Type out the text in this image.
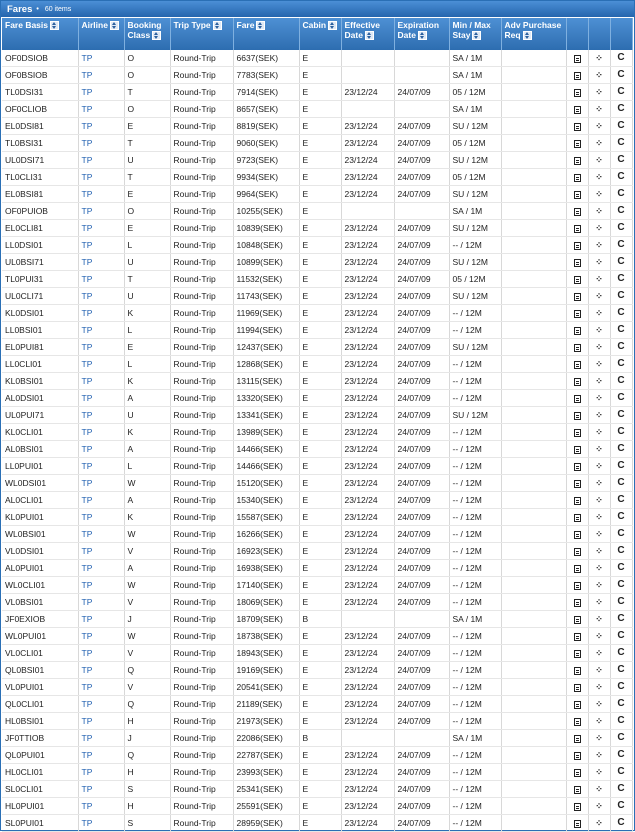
Fares • 60 items
Fare Basis	Airline	Booking Class	Trip Type	Fare	Cabin	Effective Date	Expiration Date	Min / Max Stay	Adv Purchase Req			
OF0DSIOB	TP	O	Round-Trip	6637(SEK)	E			SA / 1M			⁘	C
OF0BSIOB	TP	O	Round-Trip	7783(SEK)	E			SA / 1M			⁘	C
TL0DSI31	TP	T	Round-Trip	7914(SEK)	E	23/12/24	24/07/09	05 / 12M			⁘	C
OF0CLIOB	TP	O	Round-Trip	8657(SEK)	E			SA / 1M			⁘	C
EL0DSI81	TP	E	Round-Trip	8819(SEK)	E	23/12/24	24/07/09	SU / 12M			⁘	C
TL0BSI31	TP	T	Round-Trip	9060(SEK)	E	23/12/24	24/07/09	05 / 12M			⁘	C
UL0DSI71	TP	U	Round-Trip	9723(SEK)	E	23/12/24	24/07/09	SU / 12M			⁘	C
TL0CLI31	TP	T	Round-Trip	9934(SEK)	E	23/12/24	24/07/09	05 / 12M			⁘	C
EL0BSI81	TP	E	Round-Trip	9964(SEK)	E	23/12/24	24/07/09	SU / 12M			⁘	C
OF0PUIOB	TP	O	Round-Trip	10255(SEK)	E			SA / 1M			⁘	C
EL0CLI81	TP	E	Round-Trip	10839(SEK)	E	23/12/24	24/07/09	SU / 12M			⁘	C
LL0DSI01	TP	L	Round-Trip	10848(SEK)	E	23/12/24	24/07/09	-- / 12M			⁘	C
UL0BSI71	TP	U	Round-Trip	10899(SEK)	E	23/12/24	24/07/09	SU / 12M			⁘	C
TL0PUI31	TP	T	Round-Trip	11532(SEK)	E	23/12/24	24/07/09	05 / 12M			⁘	C
UL0CLI71	TP	U	Round-Trip	11743(SEK)	E	23/12/24	24/07/09	SU / 12M			⁘	C
KL0DSI01	TP	K	Round-Trip	11969(SEK)	E	23/12/24	24/07/09	-- / 12M			⁘	C
LL0BSI01	TP	L	Round-Trip	11994(SEK)	E	23/12/24	24/07/09	-- / 12M			⁘	C
EL0PUI81	TP	E	Round-Trip	12437(SEK)	E	23/12/24	24/07/09	SU / 12M			⁘	C
LL0CLI01	TP	L	Round-Trip	12868(SEK)	E	23/12/24	24/07/09	-- / 12M			⁘	C
KL0BSI01	TP	K	Round-Trip	13115(SEK)	E	23/12/24	24/07/09	-- / 12M			⁘	C
AL0DSI01	TP	A	Round-Trip	13320(SEK)	E	23/12/24	24/07/09	-- / 12M			⁘	C
UL0PUI71	TP	U	Round-Trip	13341(SEK)	E	23/12/24	24/07/09	SU / 12M			⁘	C
KL0CLI01	TP	K	Round-Trip	13989(SEK)	E	23/12/24	24/07/09	-- / 12M			⁘	C
AL0BSI01	TP	A	Round-Trip	14466(SEK)	E	23/12/24	24/07/09	-- / 12M			⁘	C
LL0PUI01	TP	L	Round-Trip	14466(SEK)	E	23/12/24	24/07/09	-- / 12M			⁘	C
WL0DSI01	TP	W	Round-Trip	15120(SEK)	E	23/12/24	24/07/09	-- / 12M			⁘	C
AL0CLI01	TP	A	Round-Trip	15340(SEK)	E	23/12/24	24/07/09	-- / 12M			⁘	C
KL0PUI01	TP	K	Round-Trip	15587(SEK)	E	23/12/24	24/07/09	-- / 12M			⁘	C
WL0BSI01	TP	W	Round-Trip	16266(SEK)	E	23/12/24	24/07/09	-- / 12M			⁘	C
VL0DSI01	TP	V	Round-Trip	16923(SEK)	E	23/12/24	24/07/09	-- / 12M			⁘	C
AL0PUI01	TP	A	Round-Trip	16938(SEK)	E	23/12/24	24/07/09	-- / 12M			⁘	C
WL0CLI01	TP	W	Round-Trip	17140(SEK)	E	23/12/24	24/07/09	-- / 12M			⁘	C
VL0BSI01	TP	V	Round-Trip	18069(SEK)	E	23/12/24	24/07/09	-- / 12M			⁘	C
JF0EXIOB	TP	J	Round-Trip	18709(SEK)	B			SA / 1M			⁘	C
WL0PUI01	TP	W	Round-Trip	18738(SEK)	E	23/12/24	24/07/09	-- / 12M			⁘	C
VL0CLI01	TP	V	Round-Trip	18943(SEK)	E	23/12/24	24/07/09	-- / 12M			⁘	C
QL0BSI01	TP	Q	Round-Trip	19169(SEK)	E	23/12/24	24/07/09	-- / 12M			⁘	C
VL0PUI01	TP	V	Round-Trip	20541(SEK)	E	23/12/24	24/07/09	-- / 12M			⁘	C
QL0CLI01	TP	Q	Round-Trip	21189(SEK)	E	23/12/24	24/07/09	-- / 12M			⁘	C
HL0BSI01	TP	H	Round-Trip	21973(SEK)	E	23/12/24	24/07/09	-- / 12M			⁘	C
JF0TTIOB	TP	J	Round-Trip	22086(SEK)	B			SA / 1M			⁘	C
QL0PUI01	TP	Q	Round-Trip	22787(SEK)	E	23/12/24	24/07/09	-- / 12M			⁘	C
HL0CLI01	TP	H	Round-Trip	23993(SEK)	E	23/12/24	24/07/09	-- / 12M			⁘	C
SL0CLI01	TP	S	Round-Trip	25341(SEK)	E	23/12/24	24/07/09	-- / 12M			⁘	C
HL0PUI01	TP	H	Round-Trip	25591(SEK)	E	23/12/24	24/07/09	-- / 12M			⁘	C
SL0PUI01	TP	S	Round-Trip	28959(SEK)	E	23/12/24	24/07/09	-- / 12M			⁘	C
